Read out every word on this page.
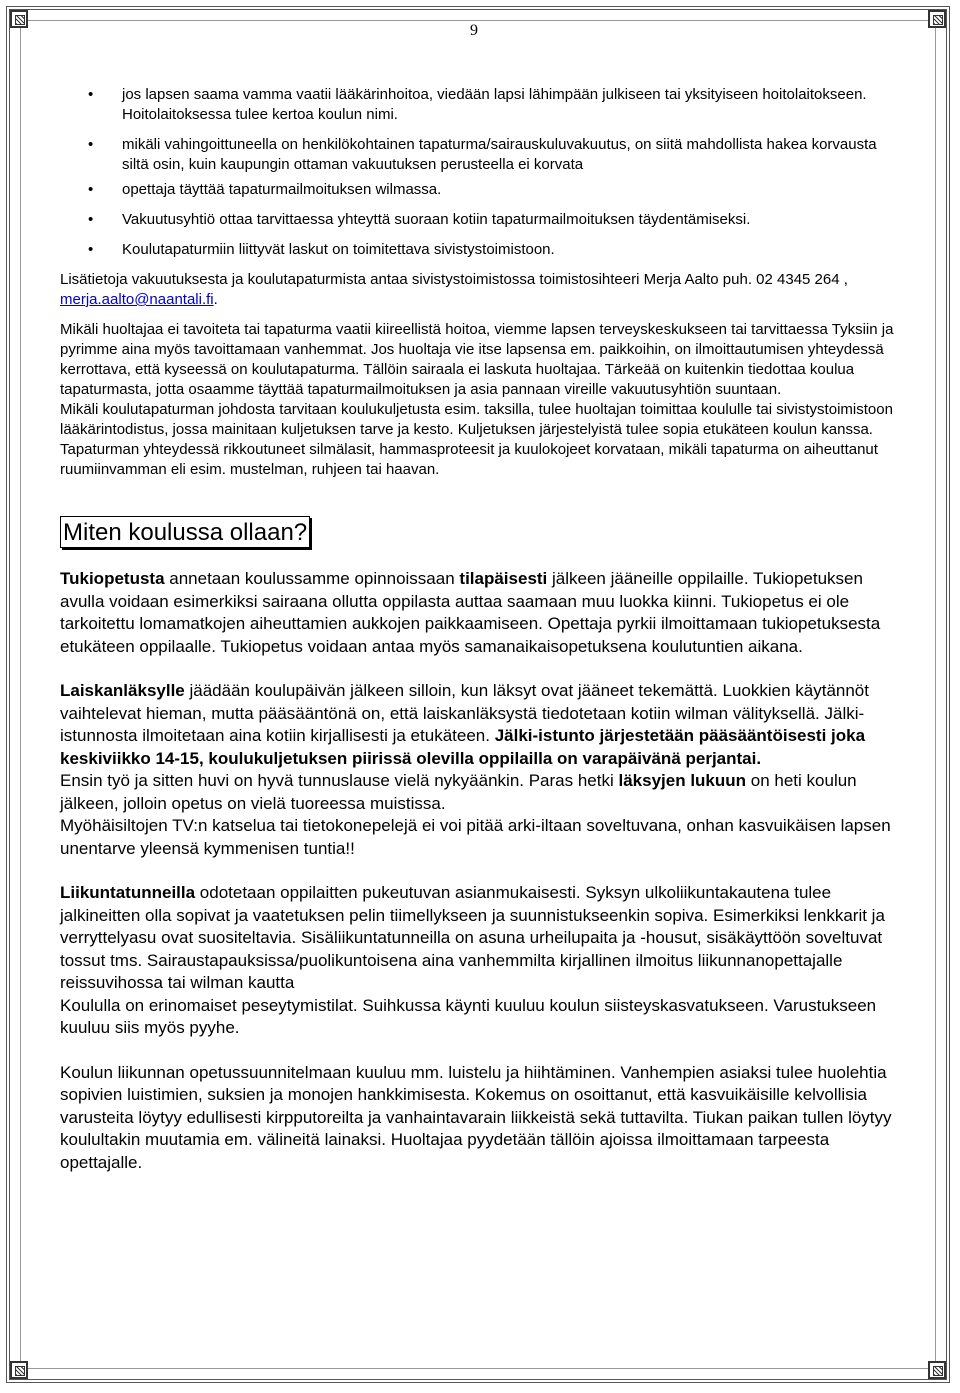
9
• jos lapsen saama vamma vaatii lääkärinhoitoa, viedään lapsi lähimpään julkiseen tai yksityiseen hoitolaitokseen. Hoitolaitoksessa tulee kertoa koulun nimi.
• mikäli vahingoittuneella on henkilökohtainen tapaturma/sairauskuluvakuutus, on siitä mahdollista hakea korvausta siltä osin, kuin kaupungin ottaman vakuutuksen perusteella ei korvata
• opettaja täyttää tapaturmailmoituksen wilmassa.
• Vakuutusyhtiö ottaa tarvittaessa yhteyttä suoraan kotiin tapaturmailmoituksen täydentämiseksi.
• Koulutapaturmiin liittyvät laskut on toimitettava sivistystoimistoon.

Lisätietoja vakuutuksesta ja koulutapaturmista antaa sivistystoimistossa toimistosihteeri Merja Aalto puh. 02 4345 264 , merja.aalto@naantali.fi.

Mikäli huoltajaa ei tavoiteta tai tapaturma vaatii kiireellistä hoitoa, viemme lapsen terveyskeskukseen tai tarvittaessa Tyksiin ja pyrimme aina myös tavoittamaan vanhemmat. Jos huoltaja vie itse lapsensa em. paikkoihin, on ilmoittautumisen yhteydessä kerrottava, että kyseessä on koulutapaturma. Tällöin sairaala ei laskuta huoltajaa. Tärkeää on kuitenkin tiedottaa koulua tapaturmasta, jotta osaamme täyttää tapaturmailmoituksen ja asia pannaan vireille vakuutusyhtiön suuntaan.

Mikäli koulutapaturman johdosta tarvitaan koulukuljetusta esim. taksilla, tulee huoltajan toimittaa koululle tai sivistystoimistoon lääkärintodistus, jossa mainitaan kuljetuksen tarve ja kesto. Kuljetuksen järjestelyistä tulee sopia etukäteen koulun kanssa.

Tapaturman yhteydessä rikkoutuneet silmälasit, hammasproteesit ja kuulokojeet korvataan, mikäli tapaturma on aiheuttanut ruumiinvamman eli esim. mustelman, ruhjeen tai haavan.

Miten koulussa ollaan?

Tukiopetusta annetaan koulussamme opinnoissaan tilapäisesti jälkeen jääneille oppilaille. Tukiopetuksen avulla voidaan esimerkiksi sairaana ollutta oppilasta auttaa saamaan muu luokka kiinni. Tukiopetus ei ole tarkoitettu lomamatkojen aiheuttamien aukkojen paikkaamiseen. Opettaja pyrkii ilmoittamaan tukiopetuksesta etukäteen oppilaalle. Tukiopetus voidaan antaa myös samanaikaisopetuksena koulutuntien aikana.

Laiskanläksylle jäädään koulupäivän jälkeen silloin, kun läksyt ovat jääneet tekemättä. Luokkien käytännöt vaihtelevat hieman, mutta pääsääntönä on, että laiskanläksystä tiedotetaan kotiin wilman välityksellä. Jälki-istunnosta ilmoitetaan aina kotiin kirjallisesti ja etukäteen. Jälki-istunto järjestetään pääsääntöisesti joka keskiviikko 14-15, koulukuljetuksen piirissä olevilla oppilailla on varapäivänä perjantai.

Ensin työ ja sitten huvi on hyvä tunnuslause vielä nykyäänkin. Paras hetki läksyjen lukuun on heti koulun jälkeen, jolloin opetus on vielä tuoreessa muistissa.

Myöhäisiltojen TV:n katselua tai tietokonepelejä ei voi pitää arki-iltaan soveltuvana, onhan kasvuikäisen lapsen unentarve yleensä kymmenisen tuntia!!

Liikuntatunneilla odotetaan oppilaitten pukeutuvan asianmukaisesti. Syksyn ulkoliikuntakautena tulee jalkineitten olla sopivat ja vaatetuksen pelin tiimellykseen ja suunnistukseenkin sopiva. Esimerkiksi lenkkarit ja verryttelyasu ovat suositeltavia. Sisäliikuntatunneilla on asuna urheilupaita ja -housut, sisäkäyttöön soveltuvat tossut tms. Sairaustapauksissa/puolikuntoisena aina vanhemmilta kirjallinen ilmoitus liikunnanopettajalle reissuvihossa tai wilman kautta

Koululla on erinomaiset peseytymistilat. Suihkussa käynti kuuluu koulun siisteyskasvatukseen. Varustukseen kuuluu siis myös pyyhe.

Koulun liikunnan opetussuunnitelmaan kuuluu mm. luistelu ja hiihtäminen. Vanhempien asiaksi tulee huolehtia sopivien luistimien, suksien ja monojen hankkimisesta. Kokemus on osoittanut, että kasvuikäisille kelvollisia varusteita löytyy edullisesti kirpputoreilta ja vanhaintavarain liikkeistä sekä tuttavilta. Tiukan paikan tullen löytyy koulultakin muutamia em. välineitä lainaksi. Huoltajaa pyydetään tällöin ajoissa ilmoittamaan tarpeesta opettajalle.
